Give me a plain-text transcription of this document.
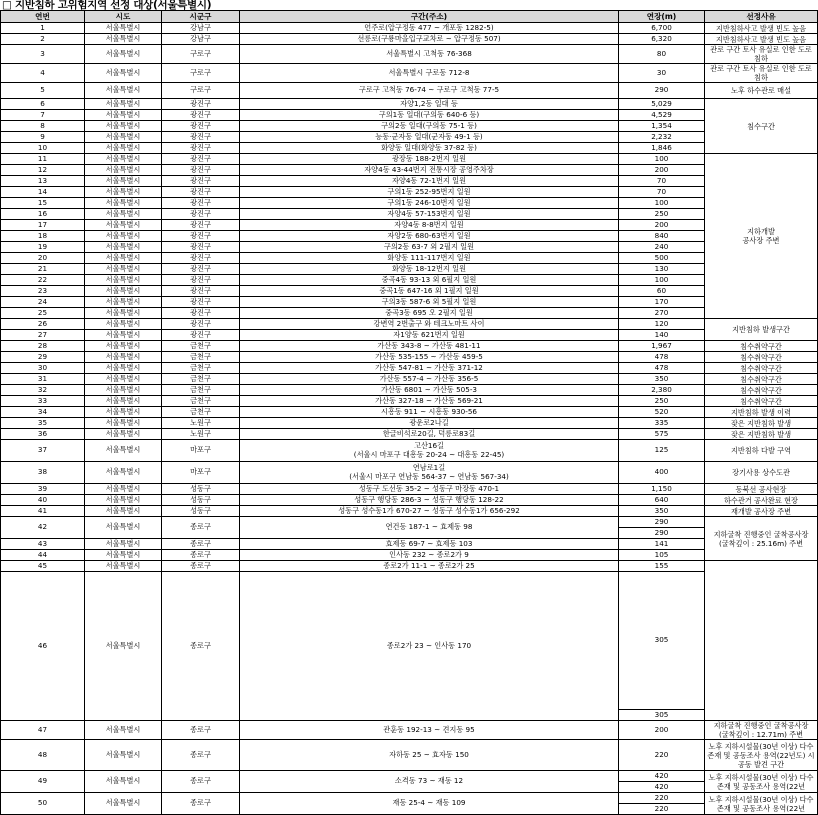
□ 지반침하 고위험지역 선정 대상(서울특별시)
연번	시도	시군구	구간(주소)	연장(m)	선정사유	
1	서울특별시	강남구	언주로(압구정동 477 ~ 개포동 1282-5)	6,700	지반침하사고 발생 빈도 높음	
2	서울특별시	강남구	선릉로(구룡마을입구교차로 ~ 압구정동 507)	6,320	지반침하사고 발생 빈도 높음	
3	서울특별시	구로구	서울특별시 고척동 76-368	80	관로 구간 토사 유실로 인한 도로 침하	
4	서울특별시	구로구	서울특별시 구로동 712-8	30	관로 구간 토사 유실로 인한 도로 침하	
5	서울특별시	구로구	구로구 고척동 76-74 ~ 구로구 고척동 77-5	290	노후 하수관로 매설	
6	서울특별시	광진구	자양1,2동 일대 등	5,029	침수구간	
7	서울특별시	광진구	구의1동 일대(구의동 640-6 등)	4,529		
8	서울특별시	광진구	구의2동 일대(구의동 75-1 등)	1,354		
9	서울특별시	광진구	능동·군자동 일대(군자동 49-1 등)	2,232		
10	서울특별시	광진구	화양동 일대(화양동 37-82 등)	1,846		
11	서울특별시	광진구	광장동 188-2번지 일원	100	지하개발
공사장 주변	
12	서울특별시	광진구	자양4동 43-44번지 전통시장 공영주차장	200		
13	서울특별시	광진구	자양4동 72-1번지 일원	70		
14	서울특별시	광진구	구의1동 252-95번지 일원	70		
15	서울특별시	광진구	구의1동 246-10번지 일원	100		
16	서울특별시	광진구	자양4동 57-153번지 일원	250		
17	서울특별시	광진구	자양4동 8-8번지 일원	200		
18	서울특별시	광진구	자양2동 680-63번지 일원	840		
19	서울특별시	광진구	구의2동 63-7 외 2필지 일원	240		
20	서울특별시	광진구	화양동 111-117번지 일원	500		
21	서울특별시	광진구	화양동 18-12번지 일원	130		
22	서울특별시	광진구	중곡4동 93-13 외 6필지 일원	100		
23	서울특별시	광진구	중곡1동 647-16 외 1필지 일원	60		
24	서울특별시	광진구	구의3동 587-6 외 5필지 일원	170		
25	서울특별시	광진구	중곡3동 695 오 2필지 일원	270		
26	서울특별시	광진구	강변역 2번출구 와 테크노마트 사이	120	지반침하 발생구간	
27	서울특별시	광진구	자1양동 621번지 일원	140		
28	서울특별시	금천구	가산동 343-8 ~ 가산동 481-11	1,967	침수취약구간	
29	서울특별시	금천구	가산동 535-155 ~ 가산동 459-5	478	침수취약구간	
30	서울특별시	금천구	가산동 547-81 ~ 가산동 371-12	478	침수취약구간	
31	서울특별시	금천구	가산동 557-4 ~ 가산동 356-5	350	침수취약구간	
32	서울특별시	금천구	가산동 6801 ~ 가산동 505-3	2,380	침수취약구간	
33	서울특별시	금천구	가산동 327-18 ~ 가산동 569-21	250	침수취약구간	
34	서울특별시	금천구	시흥동 911 ~ 시흥동 930-56	520	지반침하 발생 이력	
35	서울특별시	노원구	광운로2나길	335	잦은 지반침하 발생	
36	서울특별시	노원구	한글비석로20길, 덕릉로83길	575	잦은 지반침하 발생	
37	서울특별시	마포구	고산16길
(서울시 마포구 대흥동 20-24 ~ 대흥동 22-45)	125	지반침하 다발 구역	
38	서울특별시	마포구	연남로1길
(서울시 마포구 연남동 564-37 ~ 연남동 567-34)	400	장기사용 상수도관	
39	서울특별시	성동구	성동구 도선동 35-2 ~ 성동구 마장동 470-1	1,150	동북선 공사현장	
40	서울특별시	성동구	성동구 행당동 286-3 ~ 성동구 행당동 128-22	640	하수관거 공사완료 현장	
41	서울특별시	성동구	성동구 성수동1가 670-27 ~ 성동구 성수동1가 656-292	350	재개발 공사장 주변	
42	서울특별시	종로구	연건동 187-1 ~ 효제동 98	290	지하굴착 진행중인 굴착공사장
(굴착깊이 : 25.16m) 주변	
				290		
43	서울특별시	종로구	효제동 69-7 ~ 효제동 103	141		
44	서울특별시	종로구	인사동 232 ~ 종로2가 9	105	
45	서울특별시	종로구	종로2가 11-1 ~ 종로2가 25	155		
46	서울특별시	종로구	종로2가 23 ~ 인사동 170	305		
				305		
47	서울특별시	종로구	관훈동 192-13 ~ 견지동 95	200	지하굴착 진행중인 굴착공사장
(굴착깊이 : 12.71m) 주변	
48	서울특별시	종로구	자하동 25 ~ 효자동 150	220	노후 지하시설물(30년 이상) 다수 존재 및 공동조사 용역(22년도) 시 공동 발견 구간	
49	서울특별시	종로구	소격동 73 ~ 재동 12	420	노후 지하시설물(30년 이상) 다수 존재 및 공동조사 용역(22년	
				420		
50	서울특별시	종로구	재동 25-4 ~ 재동 109	220	노후 지하시설물(30년 이상) 다수 존재 및 공동조사 용역(22년	
				220		
